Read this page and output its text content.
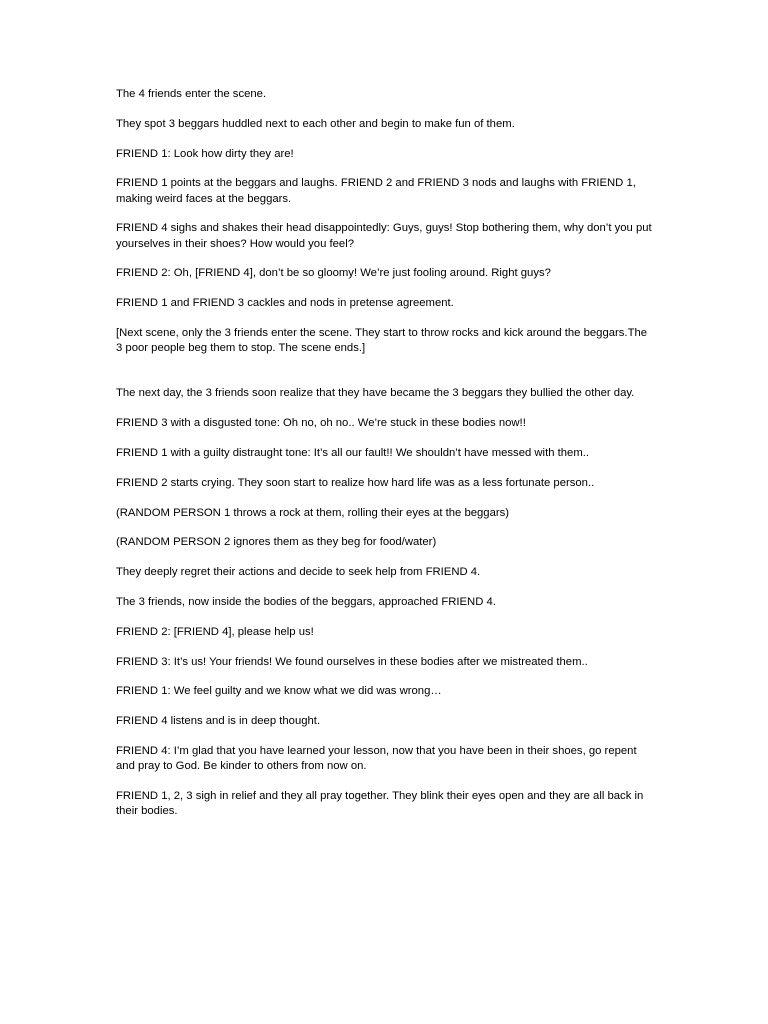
The 4 friends enter the scene.

They spot 3 beggars huddled next to each other and begin to make fun of them.

FRIEND 1: Look how dirty they are!

FRIEND 1 points at the beggars and laughs. FRIEND 2 and FRIEND 3 nods and laughs with FRIEND 1, making weird faces at the beggars.

FRIEND 4 sighs and shakes their head disappointedly: Guys, guys! Stop bothering them, why don’t you put yourselves in their shoes? How would you feel?

FRIEND 2: Oh, [FRIEND 4], don’t be so gloomy! We’re just fooling around. Right guys?

FRIEND 1 and FRIEND 3 cackles and nods in pretense agreement.

[Next scene, only the 3 friends enter the scene. They start to throw rocks and kick around the beggars.The 3 poor people beg them to stop. The scene ends.]

The next day, the 3 friends soon realize that they have became the 3 beggars they bullied the other day.

FRIEND 3 with a disgusted tone: Oh no, oh no.. We’re stuck in these bodies now!!

FRIEND 1 with a guilty distraught tone: It’s all our fault!! We shouldn’t have messed with them..

FRIEND 2 starts crying. They soon start to realize how hard life was as a less fortunate person..

(RANDOM PERSON 1 throws a rock at them, rolling their eyes at the beggars)

(RANDOM PERSON 2 ignores them as they beg for food/water)

They deeply regret their actions and decide to seek help from FRIEND 4.

The 3 friends, now inside the bodies of the beggars, approached FRIEND 4.

FRIEND 2: [FRIEND 4], please help us!

FRIEND 3: It’s us! Your friends! We found ourselves in these bodies after we mistreated them..

FRIEND 1: We feel guilty and we know what we did was wrong…

FRIEND 4 listens and is in deep thought.

FRIEND 4: I’m glad that you have learned your lesson, now that you have been in their shoes, go repent and pray to God. Be kinder to others from now on.

FRIEND 1, 2, 3 sigh in relief and they all pray together. They blink their eyes open and they are all back in their bodies.
